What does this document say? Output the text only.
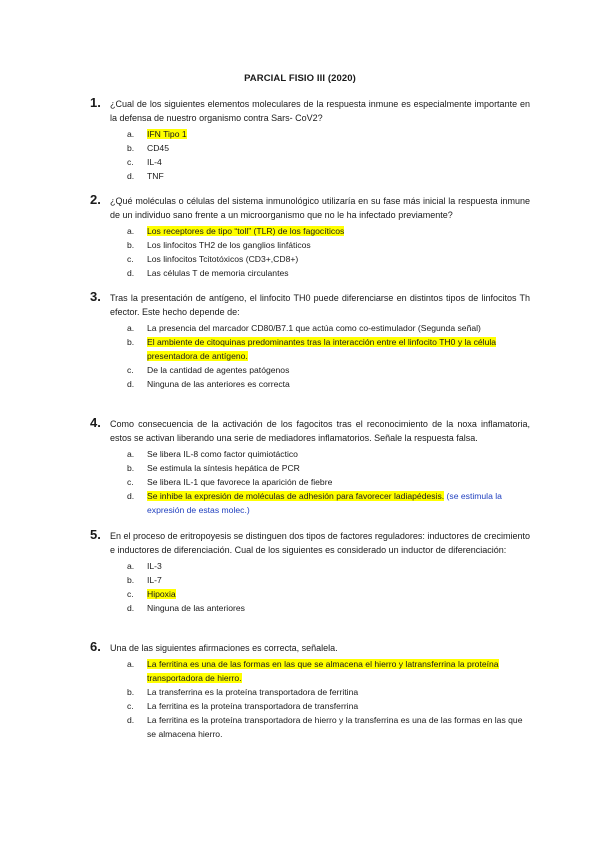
PARCIAL FISIO III (2020)
1. ¿Cual de los siguientes elementos moleculares de la respuesta inmune es especialmente importante en la defensa de nuestro organismo contra Sars- CoV2?
a. IFN Tipo 1
b. CD45
c. IL-4
d. TNF
2. ¿Qué moléculas o células del sistema inmunológico utilizaría en su fase más inicial la respuesta inmune de un individuo sano frente a un microorganismo que no le ha infectado previamente?
a. Los receptores de tipo “toll” (TLR) de los fagocíticos
b. Los linfocitos TH2 de los ganglios linfáticos
c. Los linfocitos Tcitotóxicos (CD3+,CD8+)
d. Las células T de memoria circulantes
3. Tras la presentación de antígeno, el linfocito TH0 puede diferenciarse en distintos tipos de linfocitos Th efector. Este hecho depende de:
a. La presencia del marcador CD80/B7.1 que actúa como co-estimulador (Segunda señal)
b. El ambiente de citoquinas predominantes tras la interacción entre el linfocito TH0 y la célula presentadora de antígeno.
c. De la cantidad de agentes patógenos
d. Ninguna de las anteriores es correcta
4. Como consecuencia de la activación de los fagocitos tras el reconocimiento de la noxa inflamatoria, estos se activan liberando una serie de mediadores inflamatorios. Señale la respuesta falsa.
a. Se libera IL-8 como factor quimiotáctico
b. Se estimula la síntesis hepática de PCR
c. Se libera IL-1 que favorece la aparición de fiebre
d. Se inhibe la expresión de moléculas de adhesión para favorecer ladiapédesis. (se estimula la expresión de estas molec.)
5. En el proceso de eritropoyesis se distinguen dos tipos de factores reguladores: inductores de crecimiento e inductores de diferenciación. Cual de los siguientes es considerado un inductor de diferenciación:
a. IL-3
b. IL-7
c. Hipoxia
d. Ninguna de las anteriores
6. Una de las siguientes afirmaciones es correcta, señalela.
a. La ferritina es una de las formas en las que se almacena el hierro y latransferrina la proteína transportadora de hierro.
b. La transferrina es la proteína transportadora de ferritina
c. La ferritina es la proteína transportadora de transferrina
d. La ferritina es la proteína transportadora de hierro y la transferrina es una de las formas en las que se almacena hierro.
